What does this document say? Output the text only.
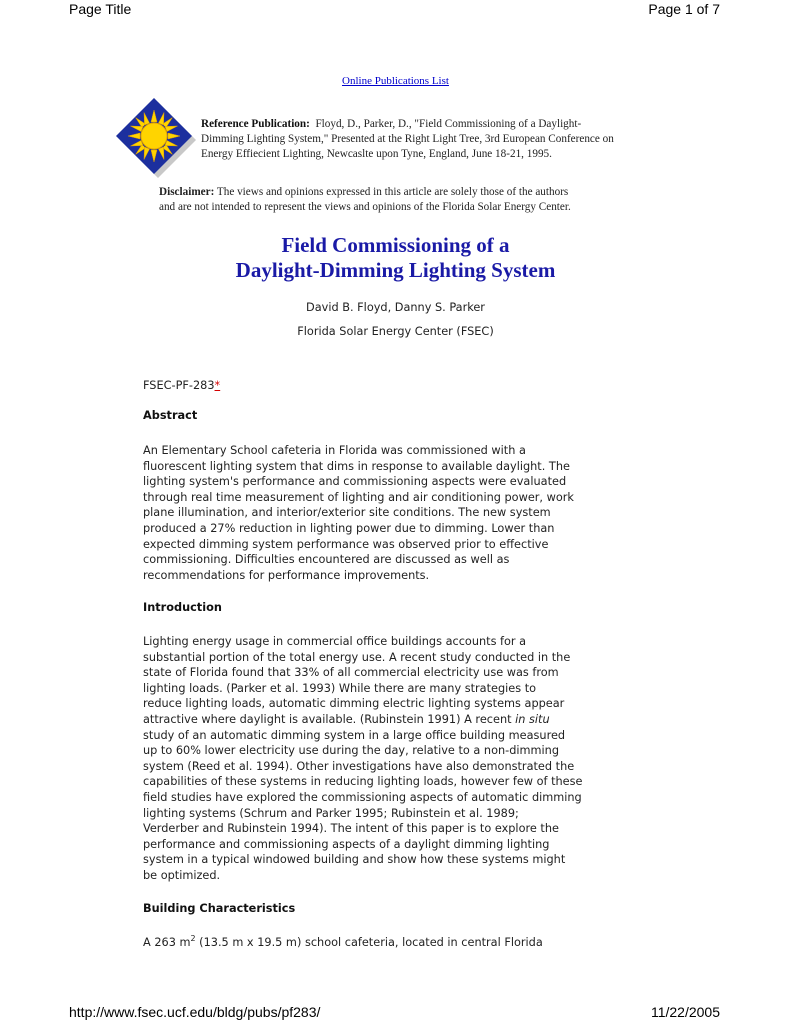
Page Title	Page 1 of 7
Online Publications List
Reference Publication:  Floyd, D., Parker, D., "Field Commissioning of a Daylight-
Dimming Lighting System," Presented at the Right Light Tree, 3rd European Conference on
Energy Effiecient Lighting, Newcaslte upon Tyne, England, June 18-21, 1995.
Disclaimer: The views and opinions expressed in this article are solely those of the authors
and are not intended to represent the views and opinions of the Florida Solar Energy Center.
Field Commissioning of a
Daylight-Dimming Lighting System
David B. Floyd, Danny S. Parker
Florida Solar Energy Center (FSEC)
FSEC-PF-283*
Abstract
An Elementary School cafeteria in Florida was commissioned with a
fluorescent lighting system that dims in response to available daylight. The
lighting system's performance and commissioning aspects were evaluated
through real time measurement of lighting and air conditioning power, work
plane illumination, and interior/exterior site conditions. The new system
produced a 27% reduction in lighting power due to dimming. Lower than
expected dimming system performance was observed prior to effective
commissioning. Difficulties encountered are discussed as well as
recommendations for performance improvements.
Introduction
Lighting energy usage in commercial office buildings accounts for a
substantial portion of the total energy use. A recent study conducted in the
state of Florida found that 33% of all commercial electricity use was from
lighting loads. (Parker et al. 1993) While there are many strategies to
reduce lighting loads, automatic dimming electric lighting systems appear
attractive where daylight is available. (Rubinstein 1991) A recent in situ
study of an automatic dimming system in a large office building measured
up to 60% lower electricity use during the day, relative to a non-dimming
system (Reed et al. 1994). Other investigations have also demonstrated the
capabilities of these systems in reducing lighting loads, however few of these
field studies have explored the commissioning aspects of automatic dimming
lighting systems (Schrum and Parker 1995; Rubinstein et al. 1989;
Verderber and Rubinstein 1994). The intent of this paper is to explore the
performance and commissioning aspects of a daylight dimming lighting
system in a typical windowed building and show how these systems might
be optimized.
Building Characteristics
A 263 $m^2$ (13.5 m x 19.5 m) school cafeteria, located in central Florida
http://www.fsec.ucf.edu/bldg/pubs/pf283/	11/22/2005
